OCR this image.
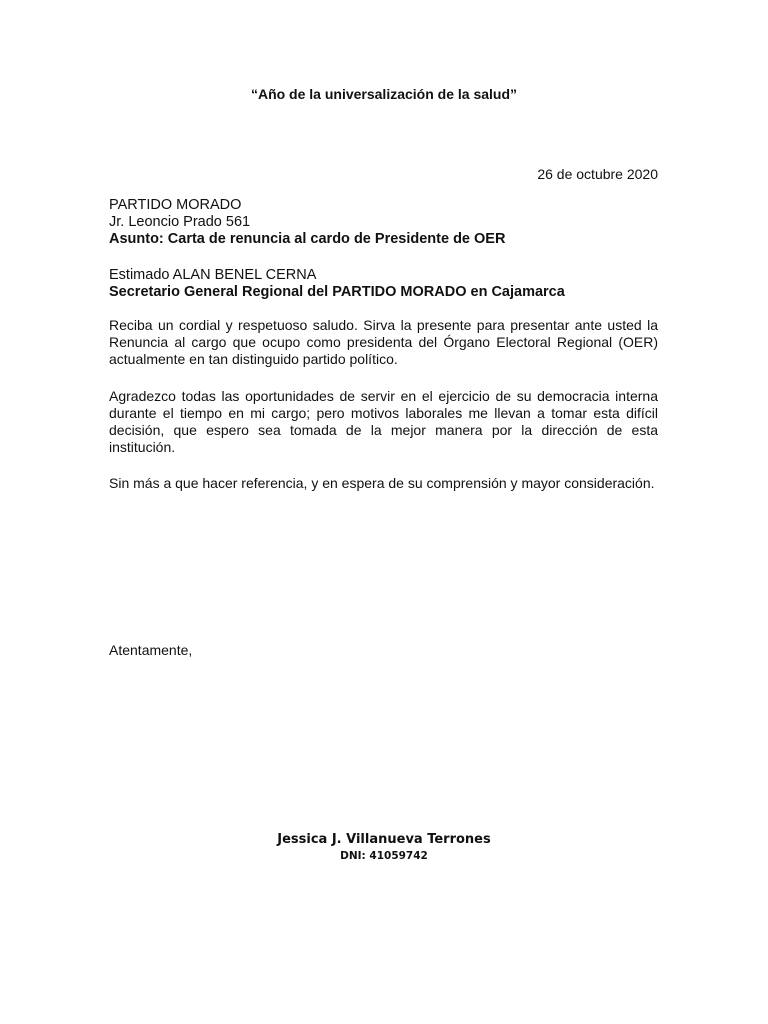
“Año de la universalización de la salud”
26 de octubre 2020
PARTIDO MORADO
Jr. Leoncio Prado 561
Asunto: Carta de renuncia al cardo de Presidente de OER
Estimado ALAN BENEL CERNA
Secretario General Regional del PARTIDO MORADO en Cajamarca
Reciba un cordial y respetuoso saludo. Sirva la presente para presentar ante usted la Renuncia al cargo que ocupo como presidenta del Órgano Electoral Regional (OER) actualmente en tan distinguido partido político.
Agradezco todas las oportunidades de servir en el ejercicio de su democracia interna durante el tiempo en mi cargo; pero motivos laborales me llevan a tomar esta difícil decisión, que espero sea tomada de la mejor manera por la dirección de esta institución.
Sin más a que hacer referencia, y en espera de su comprensión y mayor consideración.
Atentamente,
Jessica J. Villanueva Terrones
DNI: 41059742
